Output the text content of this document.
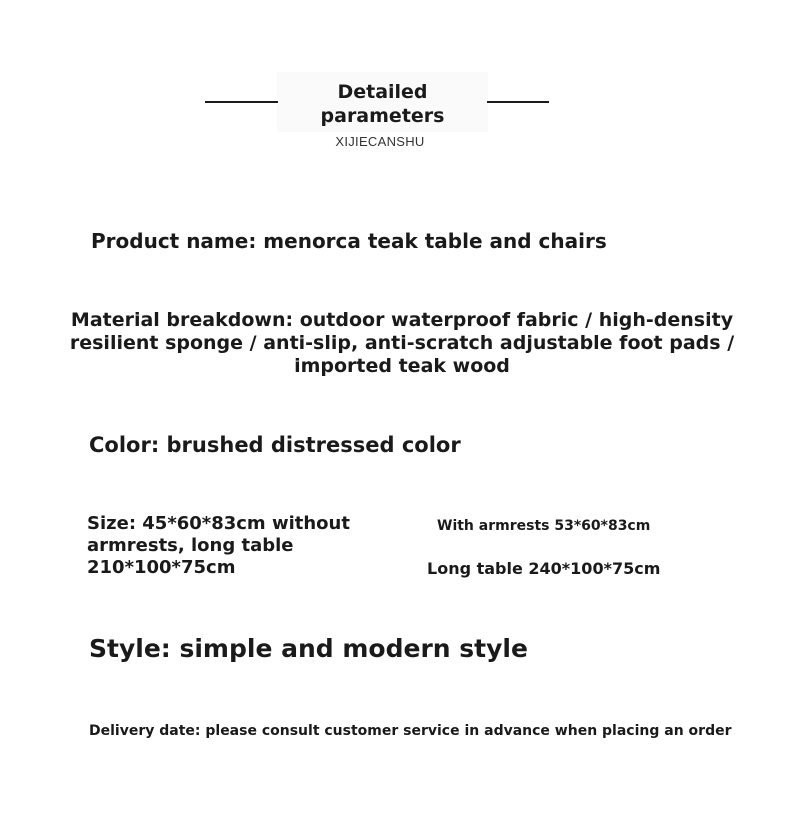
Detailed parameters
XIJIECANSHU
Product name: menorca teak table and chairs
Material breakdown: outdoor waterproof fabric / high-density resilient sponge / anti-slip, anti-scratch adjustable foot pads / imported teak wood
Color: brushed distressed color
Size: 45*60*83cm without armrests, long table 210*100*75cm
With armrests 53*60*83cm
Long table 240*100*75cm
Style: simple and modern style
Delivery date: please consult customer service in advance when placing an order
